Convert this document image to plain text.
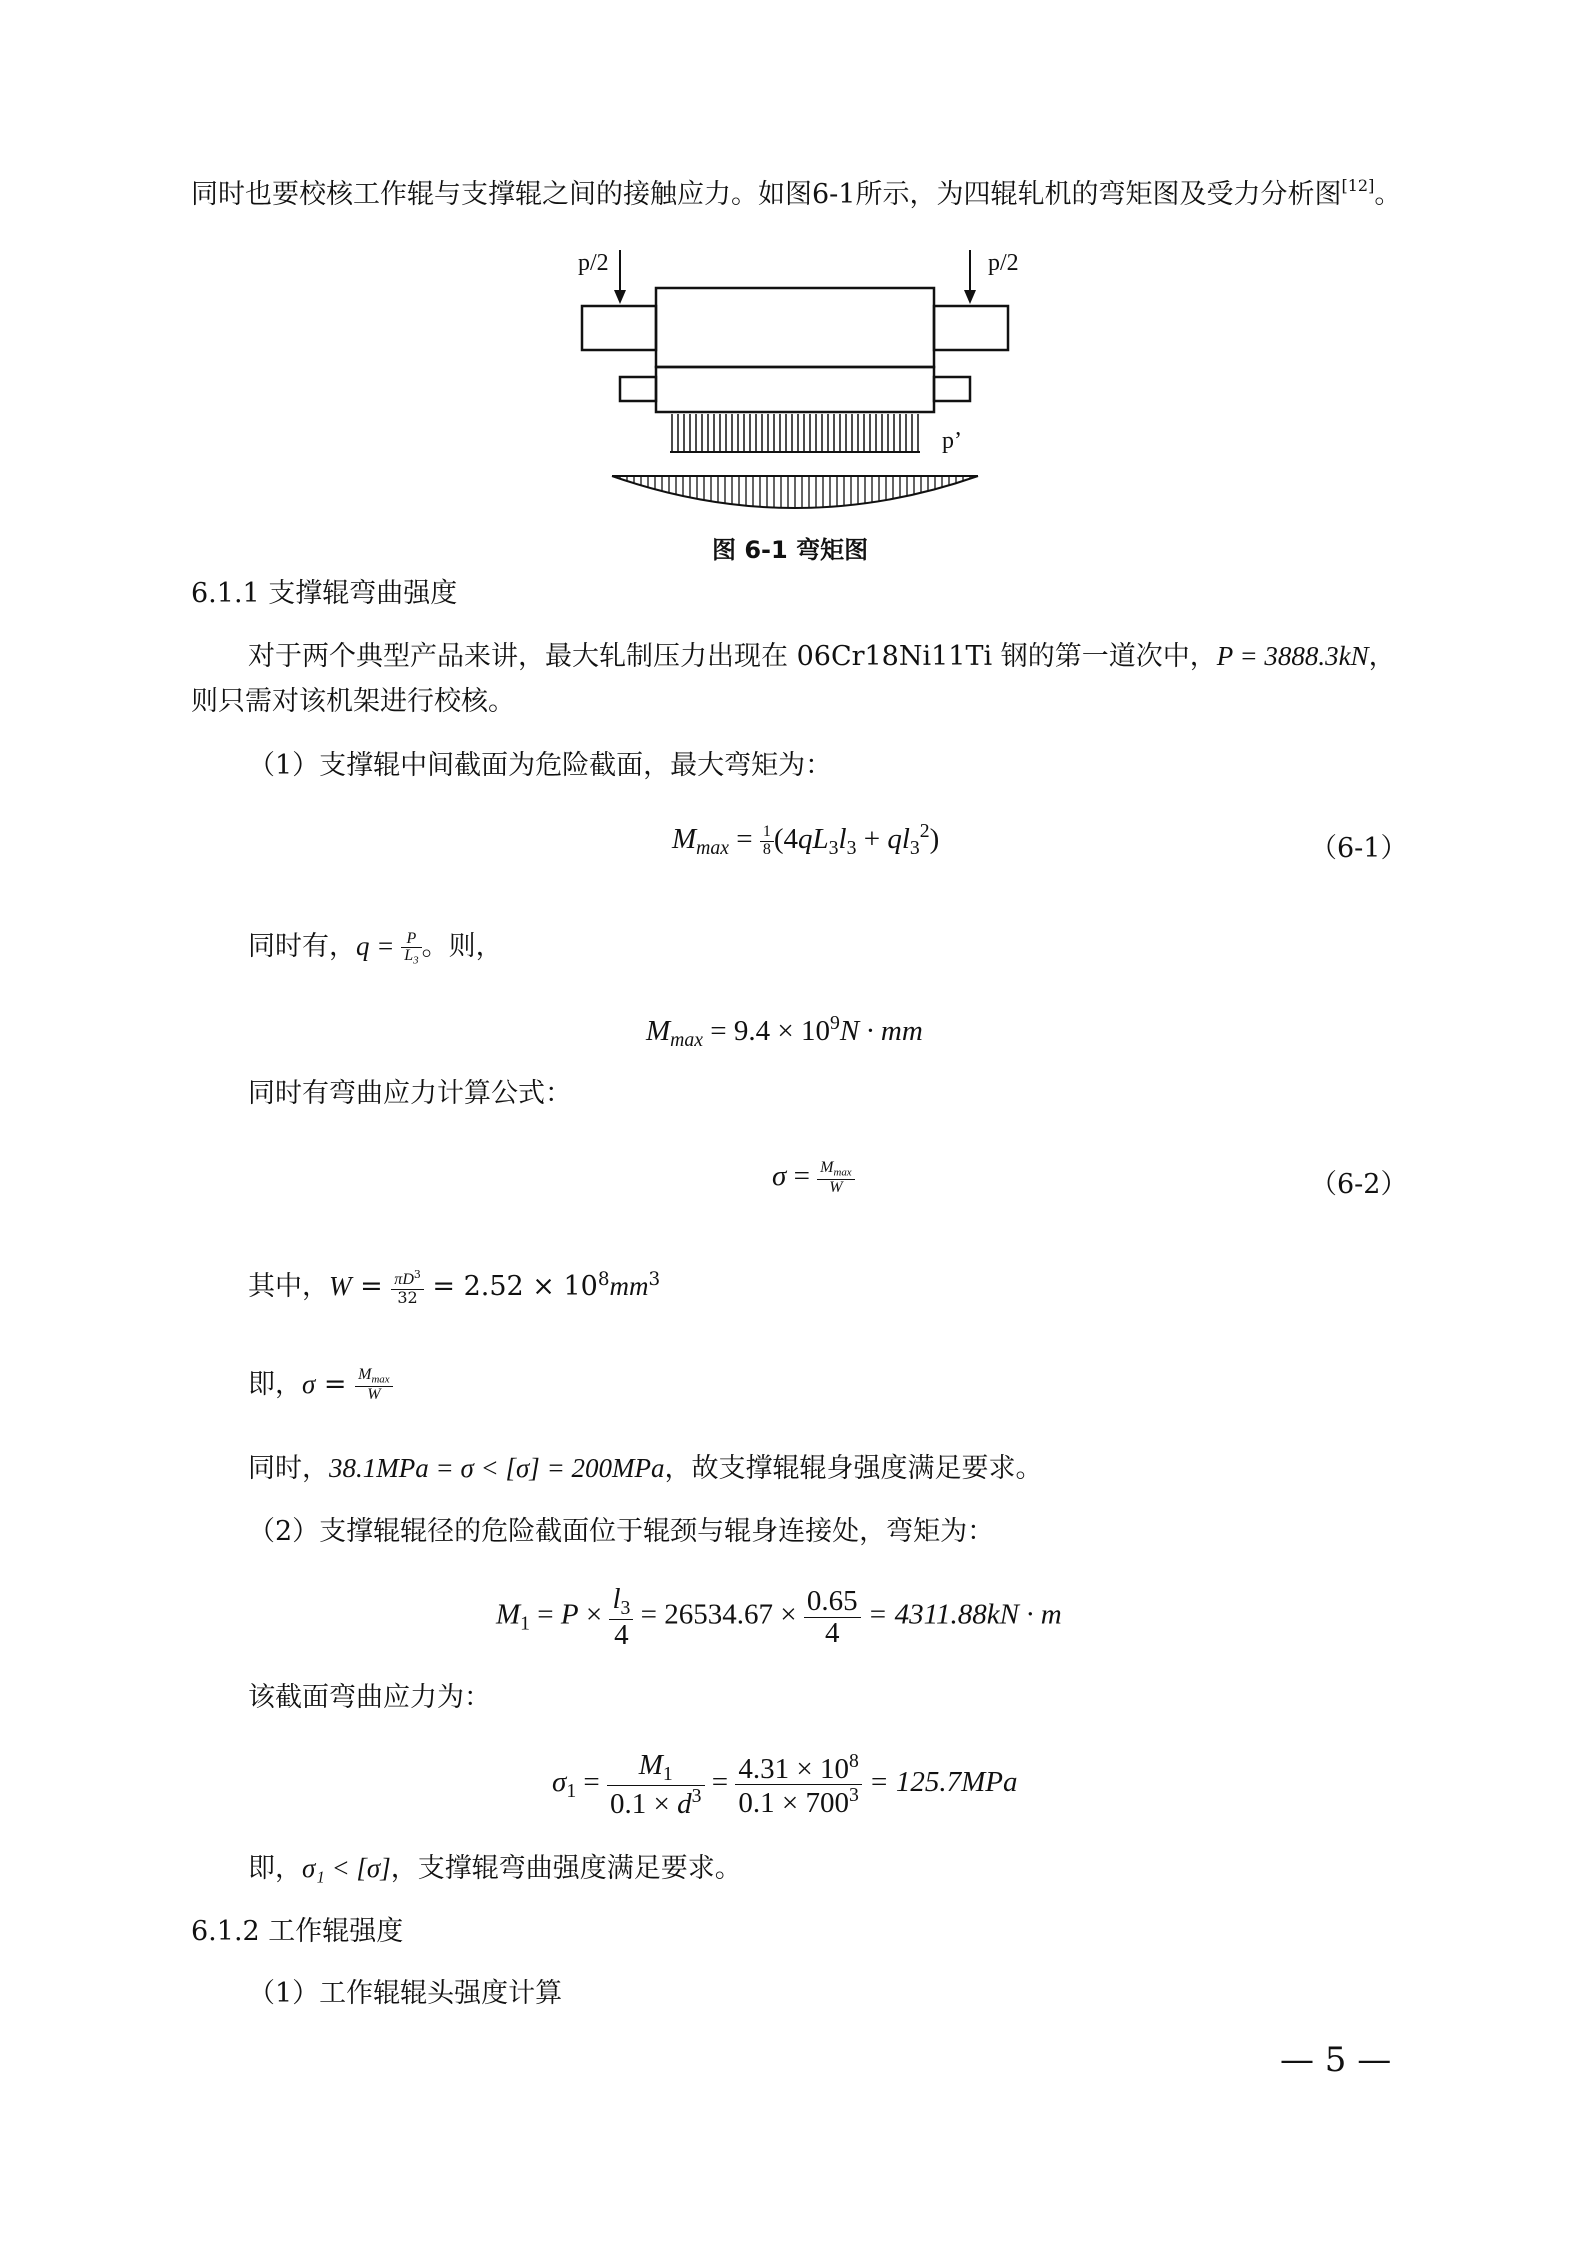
同时也要校核工作辊与支撑辊之间的接触应力。如图6-1所示，为四辊轧机的弯矩图及受力分析图[12]。
p/2	p/2
p’
图 6-1 弯矩图
6.1.1 支撑辊弯曲强度
对于两个典型产品来讲，最大轧制压力出现在 06Cr18Ni11Ti 钢的第一道次中，P = 3888.3kN，
则只需对该机架进行校核。
（1）支撑辊中间截面为危险截面，最大弯矩为：
$M_{max} = \frac{1}{8} (4qL_3l_3 + ql_3^2)$	（6-1）
同时有，$q = \frac{P}{L_3}$ 。则，
$M_{max} = 9.4 \times 10^9N$ · mm
同时有弯曲应力计算公式：
$\sigma = \frac{M_{max}}{W}$	（6-2）
其中，$W = \frac{\pi D^3}{32} = 2.52 \times 10^8mm^3$
即，$\sigma = \frac{M_{max}}{W}$
同时，38.1MPa = σ < [σ] = 200MPa，故支撑辊辊身强度满足要求。
（2）支撑辊辊径的危险截面位于辊颈与辊身连接处，弯矩为：
$M_1 = P \times \frac{l_3}{4} = 26534.67 \times \frac{0.65}{4} = 4311.88kN \cdot m$
该截面弯曲应力为：
$\sigma_1 = \frac{M_1}{0.1 \times d^3} = \frac{4.31 \times 10^8}{0.1 \times 700^3} = 125.7MPa$
即，σ₁ < [σ]，支撑辊弯曲强度满足要求。
6.1.2 工作辊强度
（1）工作辊辊头强度计算
— 5 —
